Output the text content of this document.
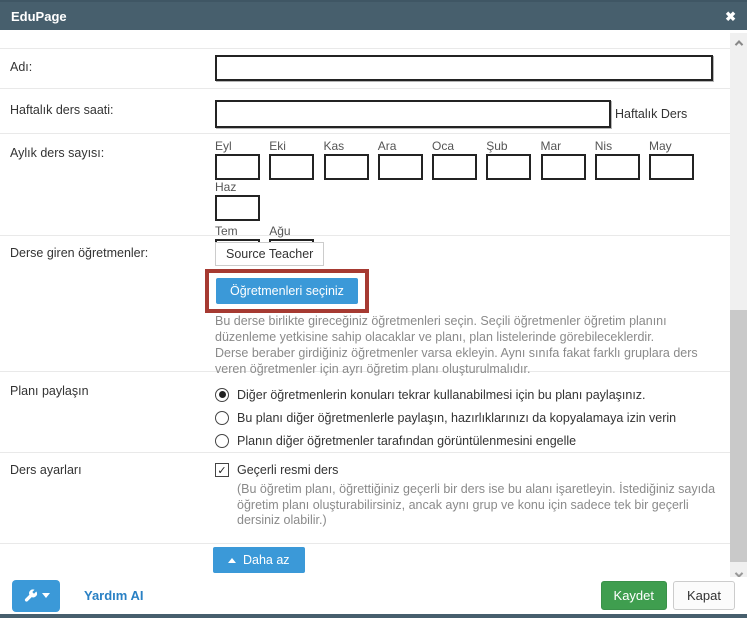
EduPage	✖
Adı:
Haftalık ders saati:	Haftalık Ders
Aylık ders sayısı:	Eyl
	Eki
	Kas
	Ara
	Oca
	Şub
	Mar
	Nis
	May

Haz
Tem
	Ağu
Derse giren öğretmenler:	Source Teacher
Öğretmenleri seçiniz
Bu derse birlikte gireceğiniz öğretmenleri seçin. Seçili öğretmenler öğretim planını düzenleme yetkisine sahip olacaklar ve planı, plan listelerinde görebileceklerdir.
Derse beraber girdiğiniz öğretmenler varsa ekleyin. Aynı sınıfa fakat farklı gruplara ders veren öğretmenler için ayrı öğretim planı oluşturulmalıdır.
Planı paylaşın	Diğer öğretmenlerin konuları tekrar kullanabilmesi için bu planı paylaşınız.
Bu planı diğer öğretmenlerle paylaşın, hazırlıklarınızı da kopyalamaya izin verin
Planın diğer öğretmenler tarafından görüntülenmesini engelle
Ders ayarları	✓ Geçerli resmi ders
(Bu öğretim planı, öğrettiğiniz geçerli bir ders ise bu alanı işaretleyin. İstediğiniz sayıda öğretim planı oluşturabilirsiniz, ancak aynı grup ve konu için sadece tek bir geçerli dersiniz olabilir.)
Daha az
Yardım AI	Kaydet	Kapat
